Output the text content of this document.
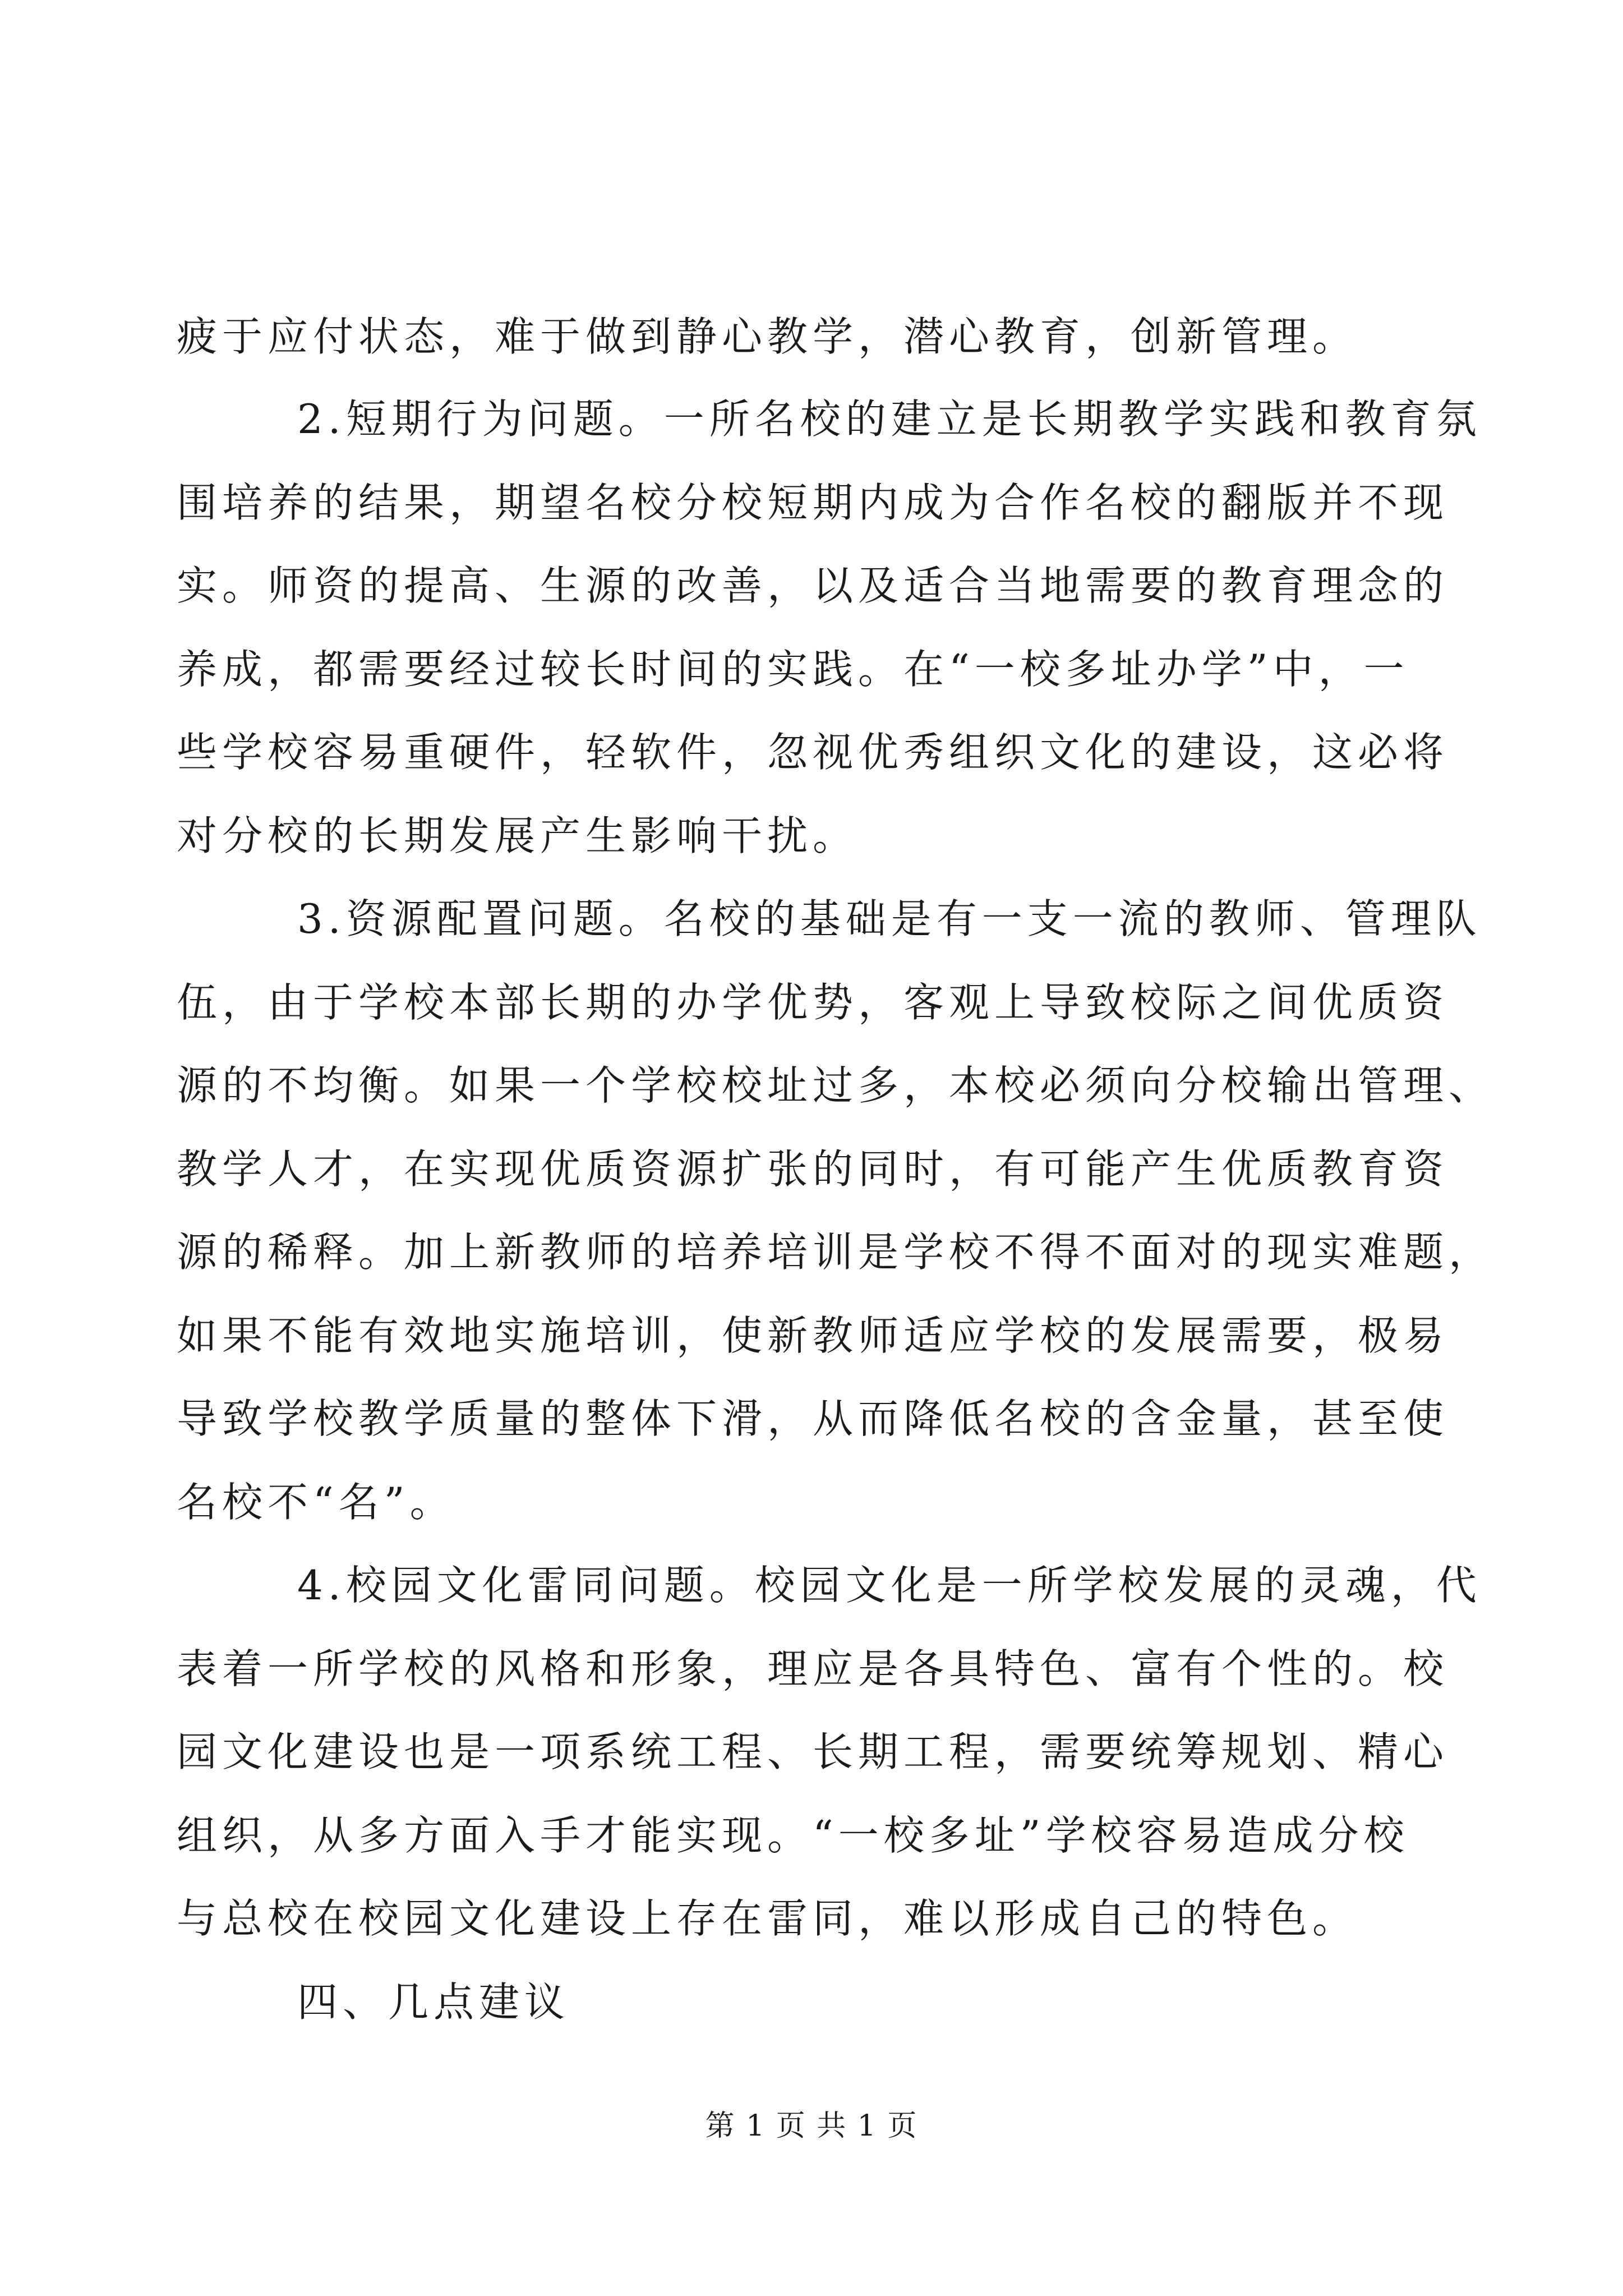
疲于应付状态，难于做到静心教学，潜心教育，创新管理。
2.短期行为问题。一所名校的建立是长期教学实践和教育氛
围培养的结果，期望名校分校短期内成为合作名校的翻版并不现
实。师资的提高、生源的改善，以及适合当地需要的教育理念的
养成，都需要经过较长时间的实践。在“一校多址办学”中，一
些学校容易重硬件，轻软件，忽视优秀组织文化的建设，这必将
对分校的长期发展产生影响干扰。
3.资源配置问题。名校的基础是有一支一流的教师、管理队
伍，由于学校本部长期的办学优势，客观上导致校际之间优质资
源的不均衡。如果一个学校校址过多，本校必须向分校输出管理、
教学人才，在实现优质资源扩张的同时，有可能产生优质教育资
源的稀释。加上新教师的培养培训是学校不得不面对的现实难题，
如果不能有效地实施培训，使新教师适应学校的发展需要，极易
导致学校教学质量的整体下滑，从而降低名校的含金量，甚至使
名校不“名”。
4.校园文化雷同问题。校园文化是一所学校发展的灵魂，代
表着一所学校的风格和形象，理应是各具特色、富有个性的。校
园文化建设也是一项系统工程、长期工程，需要统筹规划、精心
组织，从多方面入手才能实现。“一校多址”学校容易造成分校
与总校在校园文化建设上存在雷同，难以形成自己的特色。
四、几点建议
第 1 页 共 1 页
